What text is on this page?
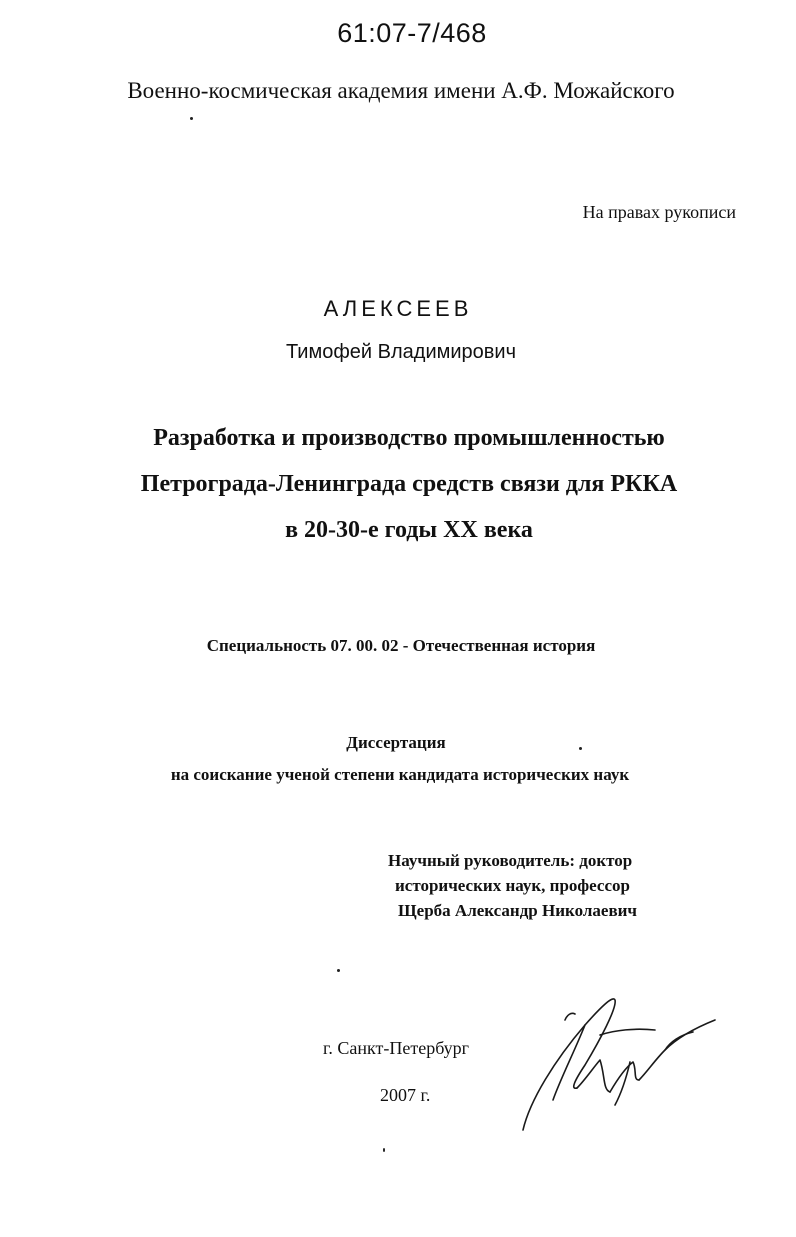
61:07-7/468
Военно-космическая академия имени А.Ф. Можайского
На правах рукописи
АЛЕКСЕЕВ
Тимофей Владимирович
Разработка и производство промышленностью
Петрограда-Ленинграда средств связи для РККА
в 20-30-е годы XX века
Специальность 07. 00. 02 - Отечественная история
Диссертация
на соискание ученой степени кандидата исторических наук
Научный руководитель: доктор
исторических наук, профессор
Щерба Александр Николаевич
г. Санкт-Петербург
2007 г.
